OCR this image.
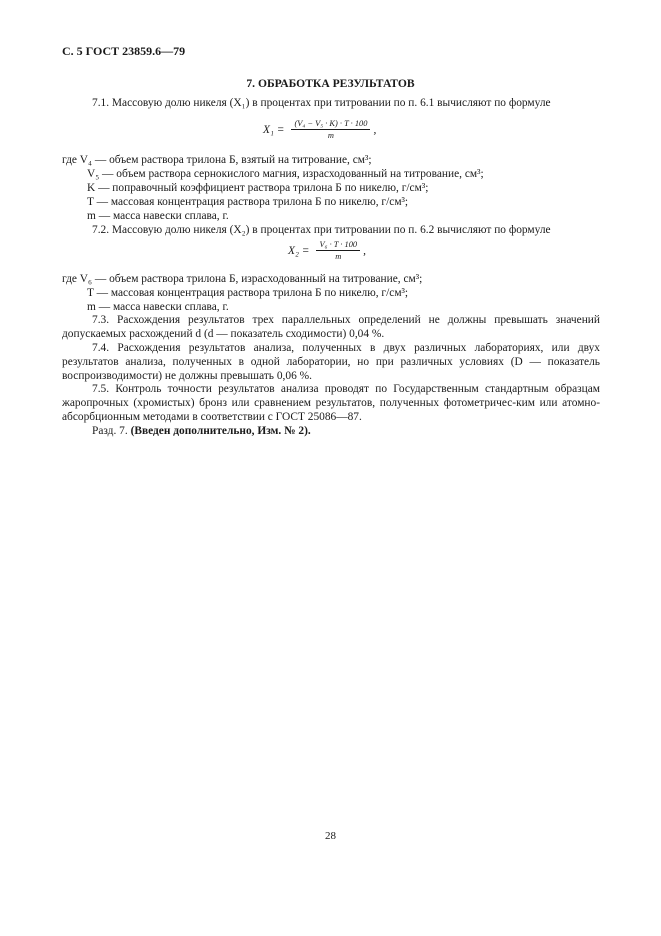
С. 5 ГОСТ 23859.6—79
7. ОБРАБОТКА РЕЗУЛЬТАТОВ
7.1. Массовую долю никеля (X₁) в процентах при титровании по п. 6.1 вычисляют по формуле
$X_1 = \frac{\text{(V₄ − V₅ · K) · T · 100}}{m}$ ,
где V₄ — объем раствора трилона Б, взятый на титрование, см³;
V₅ — объем раствора сернокислого магния, израсходованный на титрование, см³;
K — поправочный коэффициент раствора трилона Б по никелю, г/см³;
T — массовая концентрация раствора трилона Б по никелю, г/см³;
m — масса навески сплава, г.
7.2. Массовую долю никеля (X₂) в процентах при титровании по п. 6.2 вычисляют по формуле
$X_2 = \frac{\text{V₆ · T · 100}}{m}$ ,
где V₆ — объем раствора трилона Б, израсходованный на титрование, см³;
T — массовая концентрация раствора трилона Б по никелю, г/см³;
m — масса навески сплава, г.
7.3. Расхождения результатов трех параллельных определений не должны превышать значений допускаемых расхождений d (d — показатель сходимости) 0,04 %.
7.4. Расхождения результатов анализа, полученных в двух различных лабораториях, или двух результатов анализа, полученных в одной лаборатории, но при различных условиях (D — показатель воспроизводимости) не должны превышать 0,06 %.
7.5. Контроль точности результатов анализа проводят по Государственным стандартным образцам жаропрочных (хромистых) бронз или сравнением результатов, полученных фотометричес-ким или атомно-абсорбционным методами в соответствии с ГОСТ 25086—87.
Разд. 7. (Введен дополнительно, Изм. № 2).
28
